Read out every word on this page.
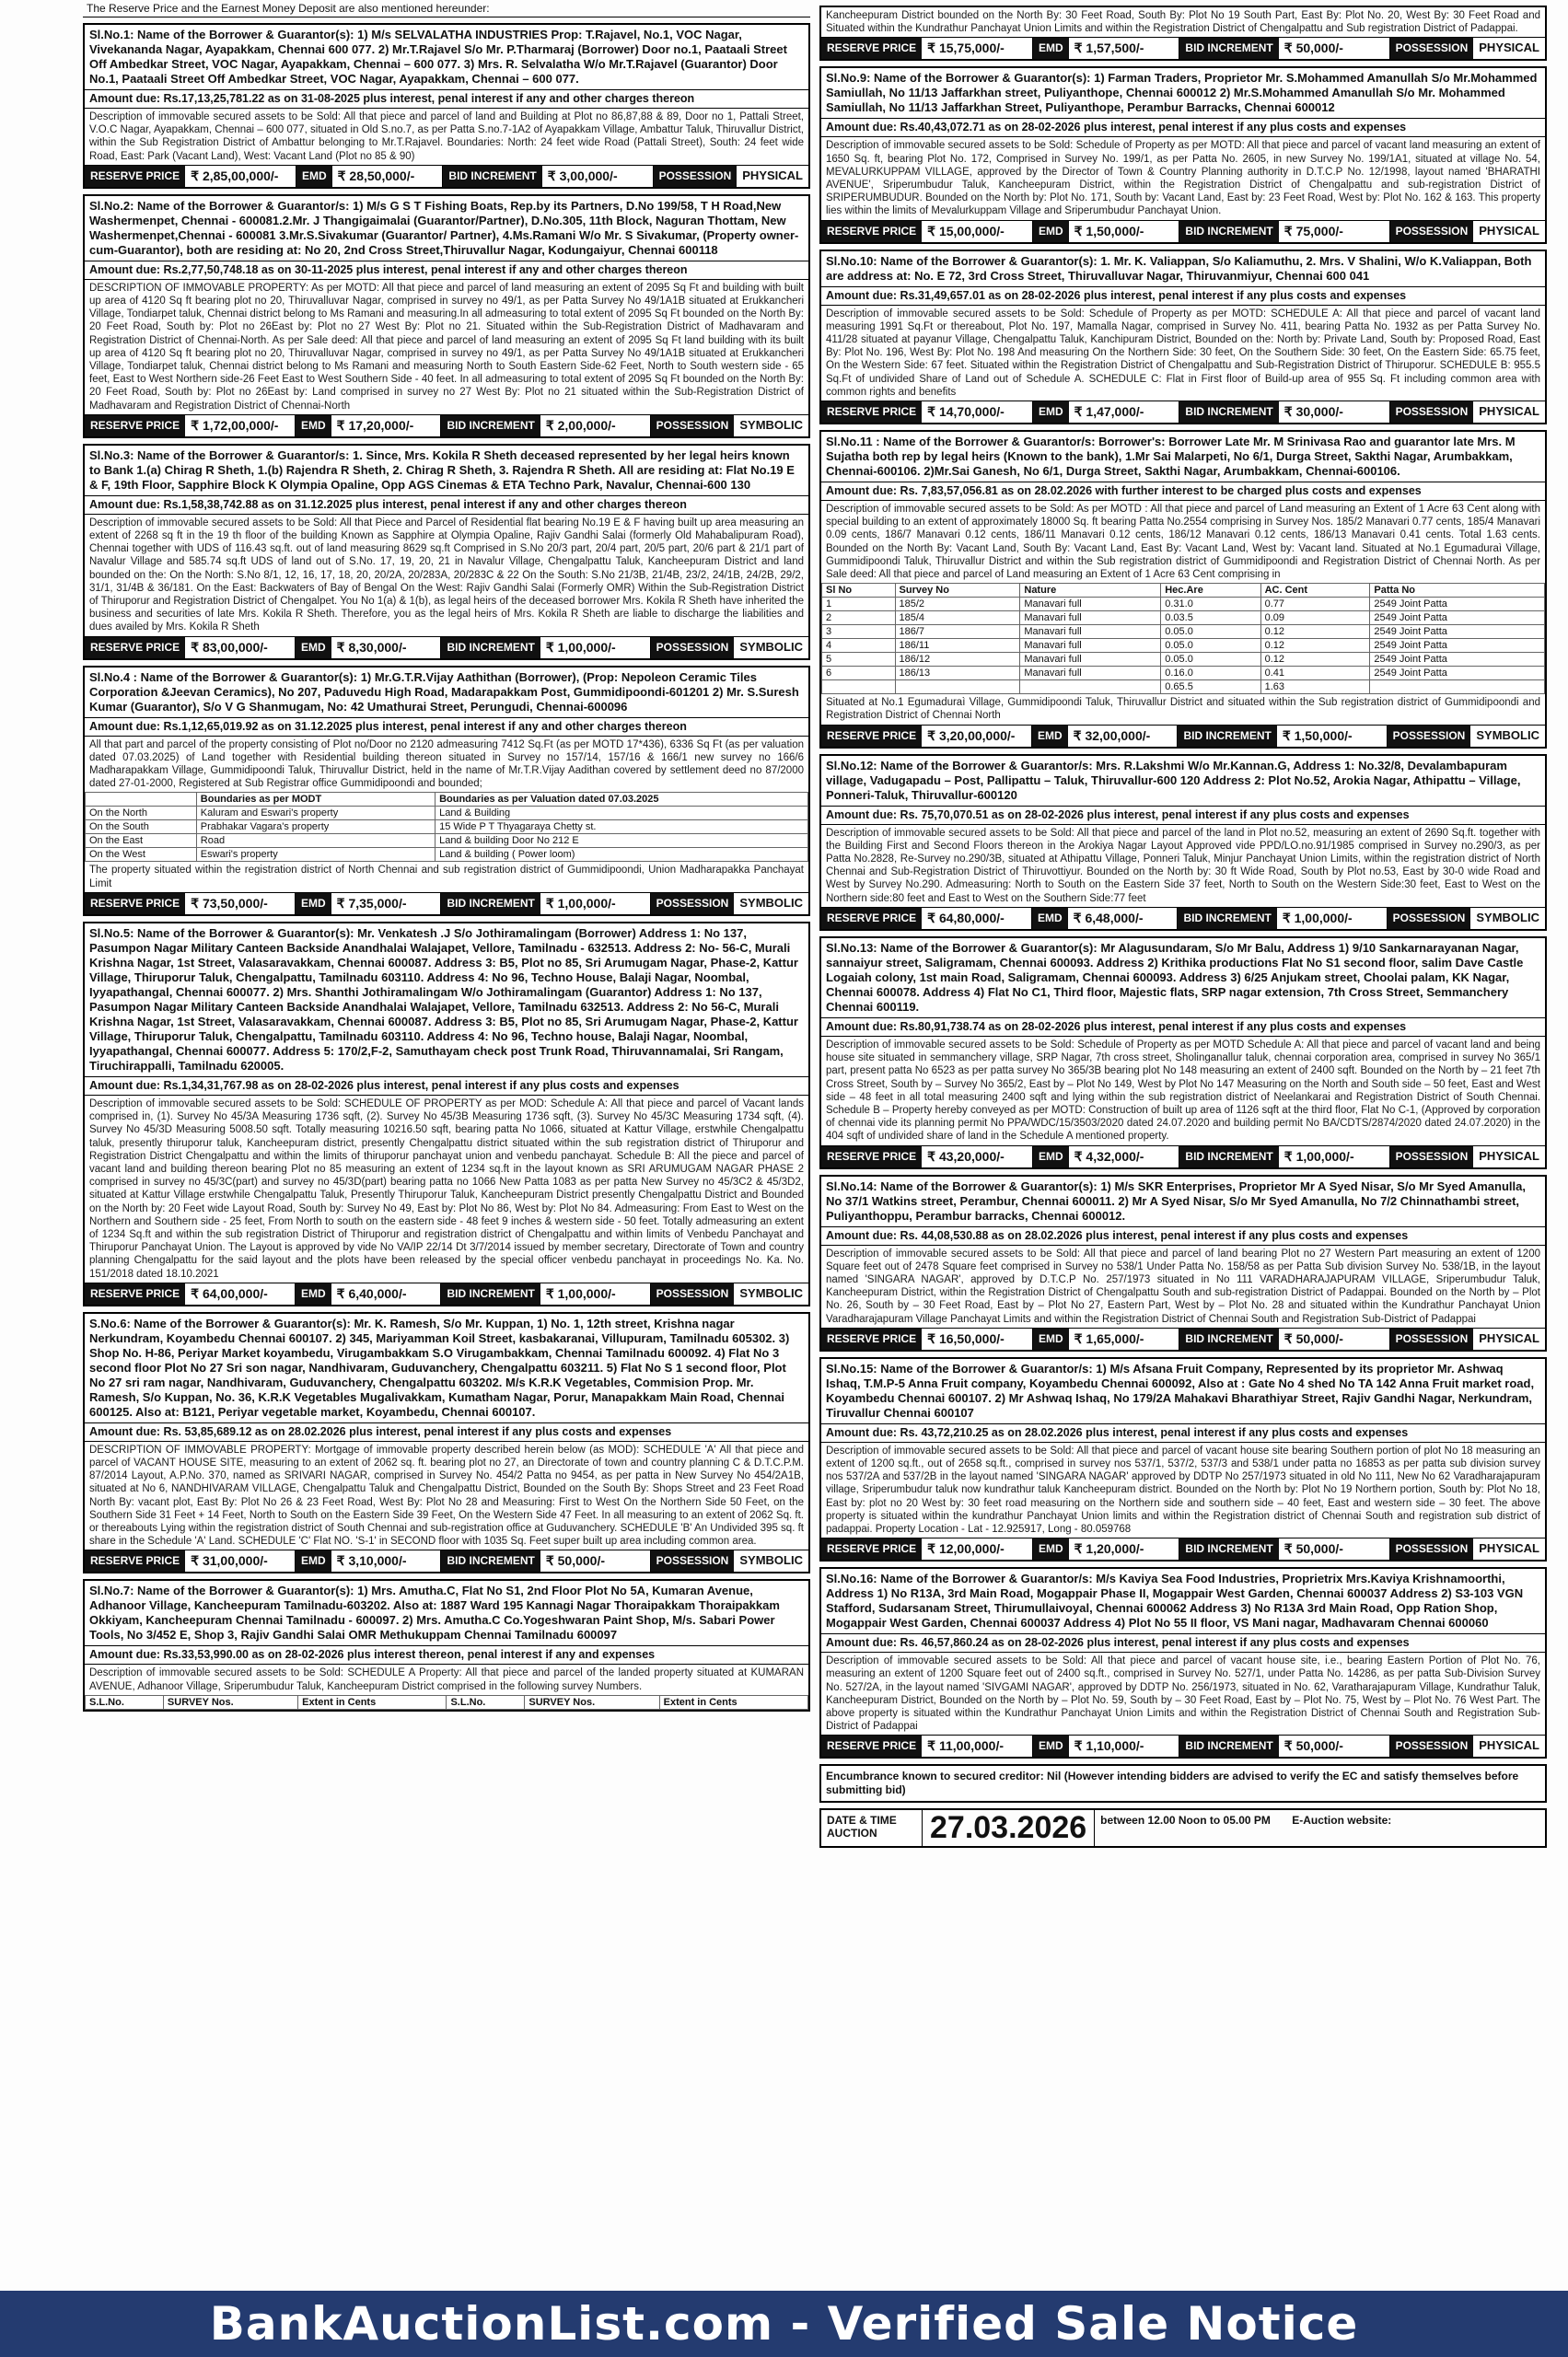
The Reserve Price and the Earnest Money Deposit are also mentioned hereunder:
Sl.No.1: Name of the Borrower & Guarantor(s): 1) M/s SELVALATHA INDUSTRIES Prop: T.Rajavel, No.1, VOC Nagar, Vivekananda Nagar, Ayapakkam, Chennai 600 077. 2) Mr.T.Rajavel S/o Mr. P.Tharmaraj (Borrower) Door no.1, Paataali Street Off Ambedkar Street, VOC Nagar, Ayapakkam, Chennai – 600 077. 3) Mrs. R. Selvalatha W/o Mr.T.Rajavel (Guarantor) Door No.1, Paataali Street Off Ambedkar Street, VOC Nagar, Ayapakkam, Chennai – 600 077.
Amount due: Rs.17,13,25,781.22 as on 31-08-2025 plus interest, penal interest if any and other charges thereon
Description of immovable secured assets to be Sold: All that piece and parcel of land and Building at Plot no 86,87,88 & 89, Door no 1, Pattali Street, V.O.C Nagar, Ayapakkam, Chennai – 600 077, situated in Old S.no.7, as per Patta S.no.7-1A2 of Ayapakkam Village, Ambattur Taluk, Thiruvallur District, within the Sub Registration District of Ambattur belonging to Mr.T.Rajavel. Boundaries: North: 24 feet wide Road (Pattali Street), South: 24 feet wide Road, East: Park (Vacant Land), West: Vacant Land (Plot no 85 & 90)
RESERVE PRICE ₹ 2,85,00,000/-	EMD ₹ 28,50,000/-	BID INCREMENT ₹ 3,00,000/-	POSSESSION PHYSICAL
Sl.No.2: Name of the Borrower & Guarantor/s: 1) M/s G S T Fishing Boats, Rep.by its Partners, D.No 199/58, T H Road,New Washermenpet, Chennai - 600081.2.Mr. J Thangigaimalai (Guarantor/Partner), D.No.305, 11th Block, Naguran Thottam, New Washermenpet,Chennai - 600081 3.Mr.S.Sivakumar (Guarantor/ Partner), 4.Ms.Ramani W/o Mr. S Sivakumar, (Property owner-cum-Guarantor), both are residing at: No 20, 2nd Cross Street,Thiruvallur Nagar, Kodungaiyur, Chennai 600118
Amount due: Rs.2,77,50,748.18 as on 30-11-2025 plus interest, penal interest if any and other charges thereon
DESCRIPTION OF IMMOVABLE PROPERTY: As per MOTD: All that piece and parcel of land measuring an extent of 2095 Sq Ft and building with built up area of 4120 Sq ft bearing plot no 20, Thiruvalluvar Nagar, comprised in survey no 49/1, as per Patta Survey No 49/1A1B situated at Erukkancheri Village, Tondiarpet taluk, Chennai district belong to Ms Ramani and measuring.In all admeasuring to total extent of 2095 Sq Ft bounded on the North By: 20 Feet Road, South by: Plot no 26East by: Plot no 27 West By: Plot no 21. Situated within the Sub-Registration District of Madhavaram and Registration District of Chennai-North. As per Sale deed: All that piece and parcel of land measuring an extent of 2095 Sq Ft land building with its built up area of 4120 Sq ft bearing plot no 20, Thiruvalluvar Nagar, comprised in survey no 49/1, as per Patta Survey No 49/1A1B situated at Erukkancheri Village, Tondiarpet taluk, Chennai district belong to Ms Ramani and measuring North to South Eastern Side-62 Feet, North to South western side - 65 feet, East to West Northern side-26 Feet East to West Southern Side - 40 feet. In all admeasuring to total extent of 2095 Sq Ft bounded on the North By: 20 Feet Road, South by: Plot no 26East by: Land comprised in survey no 27 West By: Plot no 21 situated within the Sub-Registration District of Madhavaram and Registration District of Chennai-North
RESERVE PRICE ₹ 1,72,00,000/-	EMD ₹ 17,20,000/-	BID INCREMENT ₹ 2,00,000/-	POSSESSION SYMBOLIC
Sl.No.3: Name of the Borrower & Guarantor/s: 1. Since, Mrs. Kokila R Sheth deceased represented by her legal heirs known to Bank 1.(a) Chirag R Sheth, 1.(b) Rajendra R Sheth, 2. Chirag R Sheth, 3. Rajendra R Sheth. All are residing at: Flat No.19 E & F, 19th Floor, Sapphire Block K Olympia Opaline, Opp AGS Cinemas & ETA Techno Park, Navalur, Chennai-600 130
Amount due: Rs.1,58,38,742.88 as on 31.12.2025 plus interest, penal interest if any and other charges thereon
Description of immovable secured assets to be Sold: All that Piece and Parcel of Residential flat bearing No.19 E & F having built up area measuring an extent of 2268 sq ft in the 19 th floor of the building Known as Sapphire at Olympia Opaline, Rajiv Gandhi Salai (formerly Old Mahabalipuram Road), Chennai together with UDS of 116.43 sq.ft. out of land measuring 8629 sq.ft Comprised in S.No 20/3 part, 20/4 part, 20/5 part, 20/6 part & 21/1 part of Navalur Village and 585.74 sq.ft UDS of land out of S.No. 17, 19, 20, 21 in Navalur Village, Chengalpattu Taluk, Kancheepuram District and land bounded on the: On the North: S.No 8/1, 12, 16, 17, 18, 20, 20/2A, 20/283A, 20/283C & 22 On the South: S.No 21/3B, 21/4B, 23/2, 24/1B, 24/2B, 29/2, 31/1, 31/4B & 36/181. On the East: Backwaters of Bay of Bengal On the West: Rajiv Gandhi Salai (Formerly OMR) Within the Sub-Registration District of Thiruporur and Registration District of Chengalpet. You No 1(a) & 1(b), as legal heirs of the deceased borrower Mrs. Kokila R Sheth have inherited the business and securities of late Mrs. Kokila R Sheth. Therefore, you as the legal heirs of Mrs. Kokila R Sheth are liable to discharge the liabilities and dues availed by Mrs. Kokila R Sheth
RESERVE PRICE ₹ 83,00,000/-	EMD ₹ 8,30,000/-	BID INCREMENT ₹ 1,00,000/-	POSSESSION SYMBOLIC
Sl.No.4 : Name of the Borrower & Guarantor(s): 1) Mr.G.T.R.Vijay Aathithan (Borrower), (Prop: Nepoleon Ceramic Tiles Corporation &Jeevan Ceramics), No 207, Paduvedu High Road, Madarapakkam Post, Gummidipoondi-601201 2) Mr. S.Suresh Kumar (Guarantor), S/o V G Shanmugam, No: 42 Umathurai Street, Perungudi, Chennai-600096
Amount due: Rs.1,12,65,019.92 as on 31.12.2025 plus interest, penal interest if any and other charges thereon
All that part and parcel of the property consisting of Plot no/Door no 2120 admeasuring 7412 Sq.Ft (as per MOTD 17*436), 6336 Sq Ft (as per valuation dated 07.03.2025) of Land together with Residential building thereon situated in Survey no 157/14, 157/16 & 166/1 new survey no 166/6 Madharapakkam Village, Gummidipoondi Taluk, Thiruvallur District, held in the name of Mr.T.R.Vijay Aadithan covered by settlement deed no 87/2000 dated 27-01-2000, Registered at Sub Registrar office Gummidipoondi and bounded;
	Boundaries as per MODT	Boundaries as per Valuation dated 07.03.2025
On the North	Kaluram and Eswari's property	Land & Building
On the South	Prabhakar Vagara's property	15 Wide P T Thyagaraya Chetty st.
On the East	Road	Land & building Door No 212 E
On the West	Eswari's property	Land & building ( Power loom)
The property situated within the registration district of North Chennai and sub registration district of Gummidipoondi, Union Madharapakka Panchayat Limit
RESERVE PRICE ₹ 73,50,000/-	EMD ₹ 7,35,000/-	BID INCREMENT ₹ 1,00,000/-	POSSESSION SYMBOLIC
Sl.No.5: Name of the Borrower & Guarantor(s): Mr. Venkatesh .J S/o Jothiramalingam (Borrower) Address 1: No 137, Pasumpon Nagar Military Canteen Backside Anandhalai Walajapet, Vellore, Tamilnadu - 632513. Address 2: No- 56-C, Murali Krishna Nagar, 1st Street, Valasaravakkam, Chennai 600087. Address 3: B5, Plot no 85, Sri Arumugam Nagar, Phase-2, Kattur Village, Thiruporur Taluk, Chengalpattu, Tamilnadu 603110. Address 4: No 96, Techno House, Balaji Nagar, Noombal, Iyyapathangal, Chennai 600077. 2) Mrs. Shanthi Jothiramalingam W/o Jothiramalingam (Guarantor) Address 1: No 137, Pasumpon Nagar Military Canteen Backside Anandhalai Walajapet, Vellore, Tamilnadu 632513. Address 2: No 56-C, Murali Krishna Nagar, 1st Street, Valasaravakkam, Chennai 600087. Address 3: B5, Plot no 85, Sri Arumugam Nagar, Phase-2, Kattur Village, Thiruporur Taluk, Chengalpattu, Tamilnadu 603110. Address 4: No 96, Techno house, Balaji Nagar, Noombal, Iyyapathangal, Chennai 600077. Address 5: 170/2,F-2, Samuthayam check post Trunk Road, Thiruvannamalai, Sri Rangam, Tiruchirappalli, Tamilnadu 620005.
Amount due: Rs.1,34,31,767.98 as on 28-02-2026 plus interest, penal interest if any plus costs and expenses
Description of immovable secured assets to be Sold: SCHEDULE OF PROPERTY as per MOD: Schedule A: All that piece and parcel of Vacant lands comprised in, (1). Survey No 45/3A Measuring 1736 sqft, (2). Survey No 45/3B Measuring 1736 sqft, (3). Survey No 45/3C Measuring 1734 sqft, (4). Survey No 45/3D Measuring 5008.50 sqft. Totally measuring 10216.50 sqft, bearing patta No 1066, situated at Kattur Village, erstwhile Chengalpattu taluk, presently thiruporur taluk, Kancheepuram district, presently Chengalpattu district situated within the sub registration district of Thiruporur and Registration District Chengalpattu and within the limits of thiruporur panchayat union and venbedu panchayat. Schedule B: All the piece and parcel of vacant land and building thereon bearing Plot no 85 measuring an extent of 1234 sq.ft in the layout known as SRI ARUMUGAM NAGAR PHASE 2 comprised in survey no 45/3C(part) and survey no 45/3D(part) bearing patta no 1066 New Patta 1083 as per patta New Survey no 45/3C2 & 45/3D2, situated at Kattur Village erstwhile Chengalpattu Taluk, Presently Thiruporur Taluk, Kancheepuram District presently Chengalpattu District and Bounded on the North by: 20 Feet wide Layout Road, South by: Survey No 49, East by: Plot No 86, West by: Plot No 84. Admeasuring: From East to West on the Northern and Southern side - 25 feet, From North to south on the eastern side - 48 feet 9 inches & western side - 50 feet. Totally admeasuring an extent of 1234 Sq.ft and within the sub registration District of Thiruporur and registration district of Chengalpattu and within limits of Venbedu Panchayat and Thiruporur Panchayat Union. The Layout is approved by vide No VA/IP 22/14 Dt 3/7/2014 issued by member secretary, Directorate of Town and country planning Chengalpattu for the said layout and the plots have been released by the special officer venbedu panchayat in proceedings No. Ka. No. 151/2018 dated 18.10.2021
RESERVE PRICE ₹ 64,00,000/-	EMD ₹ 6,40,000/-	BID INCREMENT ₹ 1,00,000/-	POSSESSION SYMBOLIC
S.No.6: Name of the Borrower & Guarantor(s): Mr. K. Ramesh, S/o Mr. Kuppan, 1) No. 1, 12th street, Krishna nagar Nerkundram, Koyambedu Chennai 600107. 2) 345, Mariyamman Koil Street, kasbakaranai, Villupuram, Tamilnadu 605302. 3) Shop No. H-86, Periyar Market koyambedu, Virugambakkam S.O Virugambakkam, Chennai Tamilnadu 600092. 4) Flat No 3 second floor Plot No 27 Sri son nagar, Nandhivaram, Guduvanchery, Chengalpattu 603211. 5) Flat No S 1 second floor, Plot No 27 sri ram nagar, Nandhivaram, Guduvanchery, Chengalpattu 603202. M/s K.R.K Vegetables, Commision Prop. Mr. Ramesh, S/o Kuppan, No. 36, K.R.K Vegetables Mugalivakkam, Kumatham Nagar, Porur, Manapakkam Main Road, Chennai 600125. Also at: B121, Periyar vegetable market, Koyambedu, Chennai 600107.
Amount due: Rs. 53,85,689.12 as on 28.02.2026 plus interest, penal interest if any plus costs and expenses
DESCRIPTION OF IMMOVABLE PROPERTY: Mortgage of immovable property described herein below (as MOD): SCHEDULE 'A' All that piece and parcel of VACANT HOUSE SITE, measuring to an extent of 2062 sq. ft. bearing plot no 27, an Directorate of town and country planning C & D.T.C.P.M. 87/2014 Layout, A.P.No. 370, named as SRIVARI NAGAR, comprised in Survey No. 454/2 Patta no 9454, as per patta in New Survey No 454/2A1B, situated at No 6, NANDHIVARAM VILLAGE, Chengalpattu Taluk and Chengalpattu District, Bounded on the South By: Shops Street and 23 Feet Road North By: vacant plot, East By: Plot No 26 & 23 Feet Road, West By: Plot No 28 and Measuring: First to West On the Northern Side 50 Feet, on the Southern Side 31 Feet + 14 Feet, North to South on the Eastern Side 39 Feet, On the Western Side 47 Feet. In all measuring to an extent of 2062 Sq. ft. or thereabouts Lying within the registration district of South Chennai and sub-registration office at Guduvanchery. SCHEDULE 'B' An Undivided 395 sq. ft share in the Schedule 'A' Land. SCHEDULE 'C' Flat NO. 'S-1' in SECOND floor with 1035 Sq. Feet super built up area including common area.
RESERVE PRICE ₹ 31,00,000/-	EMD ₹ 3,10,000/-	BID INCREMENT ₹ 50,000/-	POSSESSION SYMBOLIC
Sl.No.7: Name of the Borrower & Guarantor(s): 1) Mrs. Amutha.C, Flat No S1, 2nd Floor Plot No 5A, Kumaran Avenue, Adhanoor Village, Kancheepuram Tamilnadu-603202. Also at: 1887 Ward 195 Kannagi Nagar Thoraipakkam Thoraipakkam Okkiyam, Kancheepuram Chennai Tamilnadu - 600097. 2) Mrs. Amutha.C Co.Yogeshwaran Paint Shop, M/s. Sabari Power Tools, No 3/452 E, Shop 3, Rajiv Gandhi Salai OMR Methukuppam Chennai Tamilnadu 600097
Amount due: Rs.33,53,990.00 as on 28-02-2026 plus interest thereon, penal interest if any and expenses
Description of immovable secured assets to be Sold: SCHEDULE A Property: All that piece and parcel of the landed property situated at KUMARAN AVENUE, Adhanoor Village, Sriperumbudur Taluk, Kancheepuram District comprised in the following survey Numbers.
S.L.No.	SURVEY Nos.	Extent in Cents	S.L.No.	SURVEY Nos.	Extent in Cents
Kancheepuram District bounded on the North By: 30 Feet Road, South By: Plot No 19 South Part, East By: Plot No. 20, West By: 30 Feet Road and Situated within the Kundrathur Panchayat Union Limits and within the Registration District of Chengalpattu and Sub registration District of Padappai.
RESERVE PRICE ₹ 15,75,000/-	EMD ₹ 1,57,500/-	BID INCREMENT ₹ 50,000/-	POSSESSION PHYSICAL
Sl.No.9: Name of the Borrower & Guarantor(s): 1) Farman Traders, Proprietor Mr. S.Mohammed Amanullah S/o Mr.Mohammed Samiullah, No 11/13 Jaffarkhan street, Puliyanthope, Chennai 600012 2) Mr.S.Mohammed Amanullah S/o Mr. Mohammed Samiullah, No 11/13 Jaffarkhan Street, Puliyanthope, Perambur Barracks, Chennai 600012
Amount due: Rs.40,43,072.71 as on 28-02-2026 plus interest, penal interest if any plus costs and expenses
Description of immovable secured assets to be Sold: Schedule of Property as per MOTD: All that piece and parcel of vacant land measuring an extent of 1650 Sq. ft, bearing Plot No. 172, Comprised in Survey No. 199/1, as per Patta No. 2605, in new Survey No. 199/1A1, situated at village No. 54, MEVALURKUPPAM VILLAGE, approved by the Director of Town & Country Planning authority in D.T.C.P No. 12/1998, layout named 'BHARATHI AVENUE', Sriperumbudur Taluk, Kancheepuram District, within the Registration District of Chengalpattu and sub-registration District of SRIPERUMBUDUR. Bounded on the North by: Plot No. 171, South by: Vacant Land, East by: 23 Feet Road, West by: Plot No. 162 & 163. This property lies within the limits of Mevalurkuppam Village and Sriperumbudur Panchayat Union.
RESERVE PRICE ₹ 15,00,000/-	EMD ₹ 1,50,000/-	BID INCREMENT ₹ 75,000/-	POSSESSION PHYSICAL
Sl.No.10: Name of the Borrower & Guarantor(s): 1. Mr. K. Valiappan, S/o Kaliamuthu, 2. Mrs. V Shalini, W/o K.Valiappan, Both are address at: No. E 72, 3rd Cross Street, Thiruvalluvar Nagar, Thiruvanmiyur, Chennai 600 041
Amount due: Rs.31,49,657.01 as on 28-02-2026 plus interest, penal interest if any plus costs and expenses
Description of immovable secured assets to be Sold: Schedule of Property as per MOTD: SCHEDULE A: All that piece and parcel of vacant land measuring 1991 Sq.Ft or thereabout, Plot No. 197, Mamalla Nagar, comprised in Survey No. 411, bearing Patta No. 1932 as per Patta Survey No. 411/28 situated at payanur Village, Chengalpattu Taluk, Kanchipuram District, Bounded on the: North by: Private Land, South by: Proposed Road, East By: Plot No. 196, West By: Plot No. 198 And measuring On the Northern Side: 30 feet, On the Southern Side: 30 feet, On the Eastern Side: 65.75 feet, On the Western Side: 67 feet. Situated within the Registration District of Chengalpattu and Sub-Registration District of Thiruporur. SCHEDULE B: 955.5 Sq.Ft of undivided Share of Land out of Schedule A. SCHEDULE C: Flat in First floor of Build-up area of 955 Sq. Ft including common area with common rights and benefits
RESERVE PRICE ₹ 14,70,000/-	EMD ₹ 1,47,000/-	BID INCREMENT ₹ 30,000/-	POSSESSION PHYSICAL
Sl.No.11 : Name of the Borrower & Guarantor/s: Borrower's: Borrower Late Mr. M Srinivasa Rao and guarantor late Mrs. M Sujatha both rep by legal heirs (Known to the bank), 1.Mr Sai Malarpeti, No 6/1, Durga Street, Sakthi Nagar, Arumbakkam, Chennai-600106. 2)Mr.Sai Ganesh, No 6/1, Durga Street, Sakthi Nagar, Arumbakkam, Chennai-600106.
Amount due: Rs. 7,83,57,056.81 as on 28.02.2026 with further interest to be charged plus costs and expenses
Description of immovable secured assets to be Sold: As per MOTD : All that piece and parcel of Land measuring an Extent of 1 Acre 63 Cent along with special building to an extent of approximately 18000 Sq. ft bearing Patta No.2554 comprising in Survey Nos. 185/2 Manavari 0.77 cents, 185/4 Manavari 0.09 cents, 186/7 Manavari 0.12 cents, 186/11 Manavari 0.12 cents, 186/12 Manavari 0.12 cents, 186/13 Manavari 0.41 cents. Total 1.63 cents. Bounded on the North By: Vacant Land, South By: Vacant Land, East By: Vacant Land, West by: Vacant land. Situated at No.1 Egumaduraì Village, Gummidipoondi Taluk, Thiruvallur District and within the Sub registration district of Gummidipoondi and Registration District of Chennai North. As per Sale deed: All that piece and parcel of Land measuring an Extent of 1 Acre 63 Cent comprising in
Sl No	Survey No	Nature	Hec.Are	AC. Cent	Patta No
1	185/2	Manavari full	0.31.0	0.77	2549 Joint Patta
2	185/4	Manavari full	0.03.5	0.09	2549 Joint Patta
3	186/7	Manavari full	0.05.0	0.12	2549 Joint Patta
4	186/11	Manavari full	0.05.0	0.12	2549 Joint Patta
5	186/12	Manavari full	0.05.0	0.12	2549 Joint Patta
6	186/13	Manavari full	0.16.0	0.41	2549 Joint Patta
			0.65.5	1.63	
Situated at No.1 Egumaduraì Village, Gummidipoondi Taluk, Thiruvallur District and situated within the Sub registration district of Gummidipoondi and Registration District of Chennai North
RESERVE PRICE ₹ 3,20,00,000/-	EMD ₹ 32,00,000/-	BID INCREMENT ₹ 1,50,000/-	POSSESSION SYMBOLIC
Sl.No.12: Name of the Borrower & Guarantor/s: Mrs. R.Lakshmi W/o Mr.Kannan.G, Address 1: No.32/8, Devalambapuram village, Vadugapadu – Post, Pallipattu – Taluk, Thiruvallur-600 120 Address 2: Plot No.52, Arokia Nagar, Athipattu – Village, Ponneri-Taluk, Thiruvallur-600120
Amount due: Rs. 75,70,070.51 as on 28-02-2026 plus interest, penal interest if any plus costs and expenses
Description of immovable secured assets to be Sold: All that piece and parcel of the land in Plot no.52, measuring an extent of 2690 Sq.ft. together with the Building First and Second Floors thereon in the Arokiya Nagar Layout Approved vide PPD/LO.no.91/1985 comprised in Survey no.290/3, as per Patta No.2828, Re-Survey no.290/3B, situated at Athipattu Village, Ponneri Taluk, Minjur Panchayat Union Limits, within the registration district of North Chennai and Sub-Registration District of Thiruvottiyur. Bounded on the North by: 30 ft Wide Road, South by Plot no.53, East by 30-0 wide Road and West by Survey No.290. Admeasuring: North to South on the Eastern Side 37 feet, North to South on the Western Side:30 feet, East to West on the Northern side:80 feet and East to West on the Southern Side:77 feet
RESERVE PRICE ₹ 64,80,000/-	EMD ₹ 6,48,000/-	BID INCREMENT ₹ 1,00,000/-	POSSESSION SYMBOLIC
Sl.No.13: Name of the Borrower & Guarantor(s): Mr Alagusundaram, S/o Mr Balu, Address 1) 9/10 Sankarnarayanan Nagar, sannaiyur street, Saligramam, Chennai 600093. Address 2) Krithika productions Flat No S1 second floor, salim Dave Castle Logaiah colony, 1st main Road, Saligramam, Chennai 600093. Address 3) 6/25 Anjukam street, Choolai palam, KK Nagar, Chennai 600078. Address 4) Flat No C1, Third floor, Majestic flats, SRP nagar extension, 7th Cross Street, Semmanchery Chennai 600119.
Amount due: Rs.80,91,738.74 as on 28-02-2026 plus interest, penal interest if any plus costs and expenses
Description of immovable secured assets to be Sold: Schedule of Property as per MOTD Schedule A: All that piece and parcel of vacant land and being house site situated in semmanchery village, SRP Nagar, 7th cross street, Sholinganallur taluk, chennai corporation area, comprised in survey No 365/1 part, present patta No 6523 as per patta survey No 365/3B bearing plot No 148 measuring an extent of 2400 sqft. Bounded on the North by – 21 feet 7th Cross Street, South by – Survey No 365/2, East by – Plot No 149, West by Plot No 147 Measuring on the North and South side – 50 feet, East and West side – 48 feet in all total measuring 2400 sqft and lying within the sub registration district of Neelankarai and Registration District of South Chennai. Schedule B – Property hereby conveyed as per MOTD: Construction of built up area of 1126 sqft at the third floor, Flat No C-1, (Approved by corporation of chennai vide its planning permit No PPA/WDC/15/3503/2020 dated 24.07.2020 and building permit No BA/CDTS/2874/2020 dated 24.07.2020) in the 404 sqft of undivided share of land in the Schedule A mentioned property.
RESERVE PRICE ₹ 43,20,000/-	EMD ₹ 4,32,000/-	BID INCREMENT ₹ 1,00,000/-	POSSESSION PHYSICAL
Sl.No.14: Name of the Borrower & Guarantor(s): 1) M/s SKR Enterprises, Proprietor Mr A Syed Nisar, S/o Mr Syed Amanulla, No 37/1 Watkins street, Perambur, Chennai 600011. 2) Mr A Syed Nisar, S/o Mr Syed Amanulla, No 7/2 Chinnathambi street, Puliyanthoppu, Perambur barracks, Chennai 600012.
Amount due: Rs. 44,08,530.88 as on 28.02.2026 plus interest, penal interest if any plus costs and expenses
Description of immovable secured assets to be Sold: All that piece and parcel of land bearing Plot no 27 Western Part measuring an extent of 1200 Square feet out of 2478 Square feet comprised in Survey no 538/1 Under Patta No. 158/58 as per Patta Sub division Survey No. 538/1B, in the layout named 'SINGARA NAGAR', approved by D.T.C.P No. 257/1973 situated in No 111 VARADHARAJAPURAM VILLAGE, Sriperumbudur Taluk, Kancheepuram District, within the Registration District of Chengalpattu South and sub-registration District of Padappai. Bounded on the North by – Plot No. 26, South by – 30 Feet Road, East by – Plot No 27, Eastern Part, West by – Plot No. 28 and situated within the Kundrathur Panchayat Union Varadharajapuram Village Panchayat Limits and within the Registration District of Chennai South and Registration Sub-District of Padappai
RESERVE PRICE ₹ 16,50,000/-	EMD ₹ 1,65,000/-	BID INCREMENT ₹ 50,000/-	POSSESSION PHYSICAL
Sl.No.15: Name of the Borrower & Guarantor/s: 1) M/s Afsana Fruit Company, Represented by its proprietor Mr. Ashwaq Ishaq, T.M.P-5 Anna Fruit company, Koyambedu Chennai 600092, Also at : Gate No 4 shed No TA 142 Anna Fruit market road, Koyambedu Chennai 600107. 2) Mr Ashwaq Ishaq, No 179/2A Mahakavi Bharathiyar Street, Rajiv Gandhi Nagar, Nerkundram, Tiruvallur Chennai 600107
Amount due: Rs. 43,72,210.25 as on 28.02.2026 plus interest, penal interest if any plus costs and expenses
Description of immovable secured assets to be Sold: All that piece and parcel of vacant house site bearing Southern portion of plot No 18 measuring an extent of 1200 sq.ft., out of 2658 sq.ft., comprised in survey nos 537/1, 537/2, 537/3 and 538/1 under patta no 16853 as per patta sub division survey nos 537/2A and 537/2B in the layout named 'SINGARA NAGAR' approved by DDTP No 257/1973 situated in old No 111, New No 62 Varadharajapuram village, Sriperumbudur taluk now kundrathur taluk Kancheepuram district. Bounded on the North by: Plot No 19 Northern portion, South by: Plot No 18, East by: plot no 20 West by: 30 feet road measuring on the Northern side and southern side – 40 feet, East and western side – 30 feet. The above property is situated within the kundrathur Panchayat Union limits and within the Registration district of Chennai South and registration sub district of padappai. Property Location - Lat - 12.925917, Long - 80.059768
RESERVE PRICE ₹ 12,00,000/-	EMD ₹ 1,20,000/-	BID INCREMENT ₹ 50,000/-	POSSESSION PHYSICAL
Sl.No.16: Name of the Borrower & Guarantor/s: M/s Kaviya Sea Food Industries, Proprietrix Mrs.Kaviya Krishnamoorthi, Address 1) No R13A, 3rd Main Road, Mogappair Phase II, Mogappair West Garden, Chennai 600037 Address 2) S3-103 VGN Stafford, Sudarsanam Street, Thirumullaivoyal, Chennai 600062 Address 3) No R13A 3rd Main Road, Opp Ration Shop, Mogappair West Garden, Chennai 600037 Address 4) Plot No 55 II floor, VS Mani nagar, Madhavaram Chennai 600060
Amount due: Rs. 46,57,860.24 as on 28-02-2026 plus interest, penal interest if any plus costs and expenses
Description of immovable secured assets to be Sold: All that piece and parcel of vacant house site, i.e., bearing Eastern Portion of Plot No. 76, measuring an extent of 1200 Square feet out of 2400 sq.ft., comprised in Survey No. 527/1, under Patta No. 14286, as per patta Sub-Division Survey No. 527/2A, in the layout named 'SIVGAMI NAGAR', approved by DDTP No. 256/1973, situated in No. 62, Varatharajapuram Village, Kundrathur Taluk, Kancheepuram District, Bounded on the North by – Plot No. 59, South by – 30 Feet Road, East by – Plot No. 75, West by – Plot No. 76 West Part. The above property is situated within the Kundrathur Panchayat Union Limits and within the Registration District of Chennai South and Registration Sub-District of Padappai
RESERVE PRICE ₹ 11,00,000/-	EMD ₹ 1,10,000/-	BID INCREMENT ₹ 50,000/-	POSSESSION PHYSICAL
Encumbrance known to secured creditor: Nil (However intending bidders are advised to verify the EC and satisfy themselves before submitting bid)
DATE & TIME AUCTION	27.03.2026	between 12.00 Noon to 05.00 PM E-Auction website:
BankAuctionList.com - Verified Sale Notice
